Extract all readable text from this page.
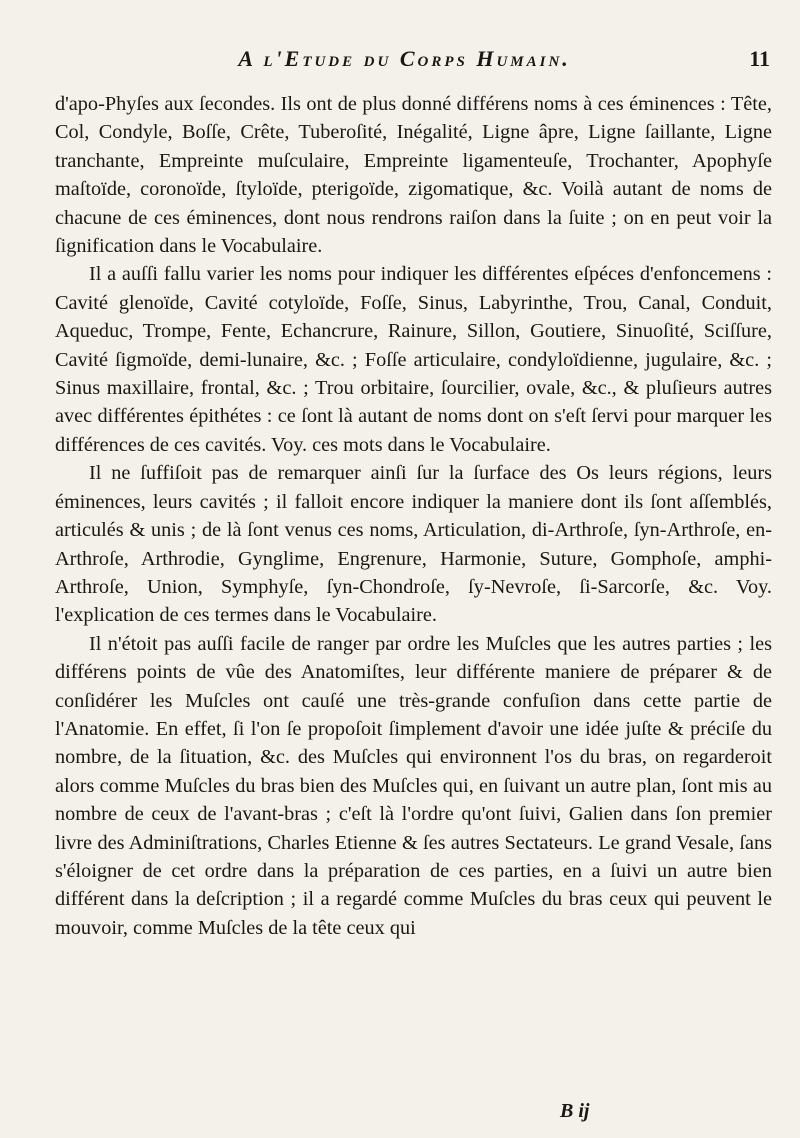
A l'Etude du Corps Humain.	11

d'apo-Phyſes aux ſecondes. Ils ont de plus donné différens noms à ces éminences : Tête, Col, Condyle, Boſſe, Crête, Tuberoſité, Inégalité, Ligne âpre, Ligne ſaillante, Ligne tranchante, Empreinte muſculaire, Empreinte ligamenteuſe, Trochanter, Apophyſe maſtoïde, coronoïde, ſtyloïde, pterigoïde, zigomatique, &c. Voilà autant de noms de chacune de ces éminences, dont nous rendrons raiſon dans la ſuite ; on en peut voir la ſignification dans le Vocabulaire.

Il a auſſi fallu varier les noms pour indiquer les différentes eſpéces d'enfoncemens : Cavité glenoïde, Cavité cotyloïde, Foſſe, Sinus, Labyrinthe, Trou, Canal, Conduit, Aqueduc, Trompe, Fente, Echancrure, Rainure, Sillon, Goutiere, Sinuoſité, Sciſſure, Cavité ſigmoïde, demi-lunaire, &c. ; Foſſe articulaire, condyloïdienne, jugulaire, &c. ; Sinus maxillaire, frontal, &c. ; Trou orbitaire, ſourcilier, ovale, &c., & pluſieurs autres avec différentes épithétes : ce ſont là autant de noms dont on s'eſt ſervi pour marquer les différences de ces cavités. Voy. ces mots dans le Vocabulaire.

Il ne ſuffiſoit pas de remarquer ainſi ſur la ſurface des Os leurs régions, leurs éminences, leurs cavités ; il falloit encore indiquer la maniere dont ils ſont aſſemblés, articulés & unis ; de là ſont venus ces noms, Articulation, di-Arthroſe, ſyn-Arthroſe, en-Arthroſe, Arthrodie, Gynglime, Engrenure, Harmonie, Suture, Gomphoſe, amphi-Arthroſe, Union, Symphyſe, ſyn-Chondroſe, ſy-Nevroſe, ſi-Sarcorſe, &c. Voy. l'explication de ces termes dans le Vocabulaire.

Il n'étoit pas auſſi facile de ranger par ordre les Muſcles que les autres parties ; les différens points de vûe des Anatomiſtes, leur différente maniere de préparer & de conſidérer les Muſcles ont cauſé une très-grande confuſion dans cette partie de l'Anatomie. En effet, ſi l'on ſe propoſoit ſimplement d'avoir une idée juſte & préciſe du nombre, de la ſituation, &c. des Muſcles qui environnent l'os du bras, on regarderoit alors comme Muſcles du bras bien des Muſcles qui, en ſuivant un autre plan, ſont mis au nombre de ceux de l'avant-bras ; c'eſt là l'ordre qu'ont ſuivi, Galien dans ſon premier livre des Adminiſtrations, Charles Etienne & ſes autres Sectateurs. Le grand Vesale, ſans s'éloigner de cet ordre dans la préparation de ces parties, en a ſuivi un autre bien différent dans la deſcription ; il a regardé comme Muſcles du bras ceux qui peuvent le mouvoir, comme Muſcles de la tête ceux qui

B ij
